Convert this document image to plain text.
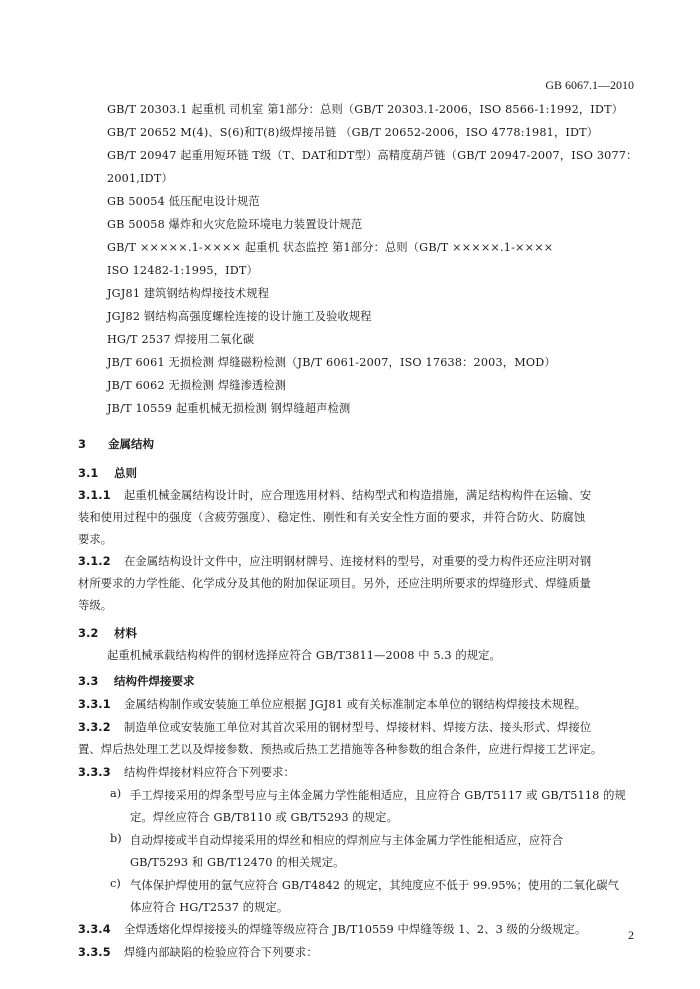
GB 6067.1—2010
GB/T 20303.1 起重机 司机室 第1部分：总则（GB/T 20303.1-2006，ISO 8566-1:1992，IDT）
GB/T 20652 M(4)、S(6)和T(8)级焊接吊链 （GB/T 20652-2006，ISO 4778:1981，IDT）
GB/T 20947 起重用短环链 T级（T、DAT和DT型）高精度葫芦链（GB/T 20947-2007，ISO 3077：
2001,IDT）
GB 50054 低压配电设计规范
GB 50058 爆炸和火灾危险环境电力装置设计规范
GB/T ×××××.1-×××× 起重机 状态监控 第1部分：总则（GB/T ×××××.1-××××
ISO 12482-1:1995，IDT）
JGJ81 建筑钢结构焊接技术规程
JGJ82 钢结构高强度螺栓连接的设计施工及验收规程
HG/T 2537 焊接用二氧化碳
JB/T 6061 无损检测 焊缝磁粉检测（JB/T 6061-2007，ISO 17638：2003，MOD）
JB/T 6062 无损检测 焊缝渗透检测
JB/T 10559 起重机械无损检测 钢焊缝超声检测
3 金属结构
3.1 总则
3.1.1 起重机械金属结构设计时，应合理选用材料、结构型式和构造措施，满足结构构件在运输、安
装和使用过程中的强度（含疲劳强度）、稳定性、刚性和有关安全性方面的要求，并符合防火、防腐蚀
要求。
3.1.2 在金属结构设计文件中，应注明钢材牌号、连接材料的型号，对重要的受力构件还应注明对钢
材所要求的力学性能、化学成分及其他的附加保证项目。另外，还应注明所要求的焊缝形式、焊缝质量
等级。
3.2 材料
起重机械承载结构构件的钢材选择应符合 GB/T3811—2008 中 5.3 的规定。
3.3 结构件焊接要求
3.3.1 金属结构制作或安装施工单位应根据 JGJ81 或有关标准制定本单位的钢结构焊接技术规程。
3.3.2 制造单位或安装施工单位对其首次采用的钢材型号、焊接材料、焊接方法、接头形式、焊接位
置、焊后热处理工艺以及焊接参数、预热或后热工艺措施等各种参数的组合条件，应进行焊接工艺评定。
3.3.3 结构件焊接材料应符合下列要求：
a) 手工焊接采用的焊条型号应与主体金属力学性能相适应，且应符合 GB/T5117 或 GB/T5118 的规
定。焊丝应符合 GB/T8110 或 GB/T5293 的规定。
b) 自动焊接或半自动焊接采用的焊丝和相应的焊剂应与主体金属力学性能相适应，应符合
GB/T5293 和 GB/T12470 的相关规定。
c) 气体保护焊使用的氩气应符合 GB/T4842 的规定，其纯度应不低于 99.95%；使用的二氧化碳气
体应符合 HG/T2537 的规定。
3.3.4 全焊透熔化焊焊接接头的焊缝等级应符合 JB/T10559 中焊缝等级 1、2、3 级的分级规定。
3.3.5 焊缝内部缺陷的检验应符合下列要求：
2
